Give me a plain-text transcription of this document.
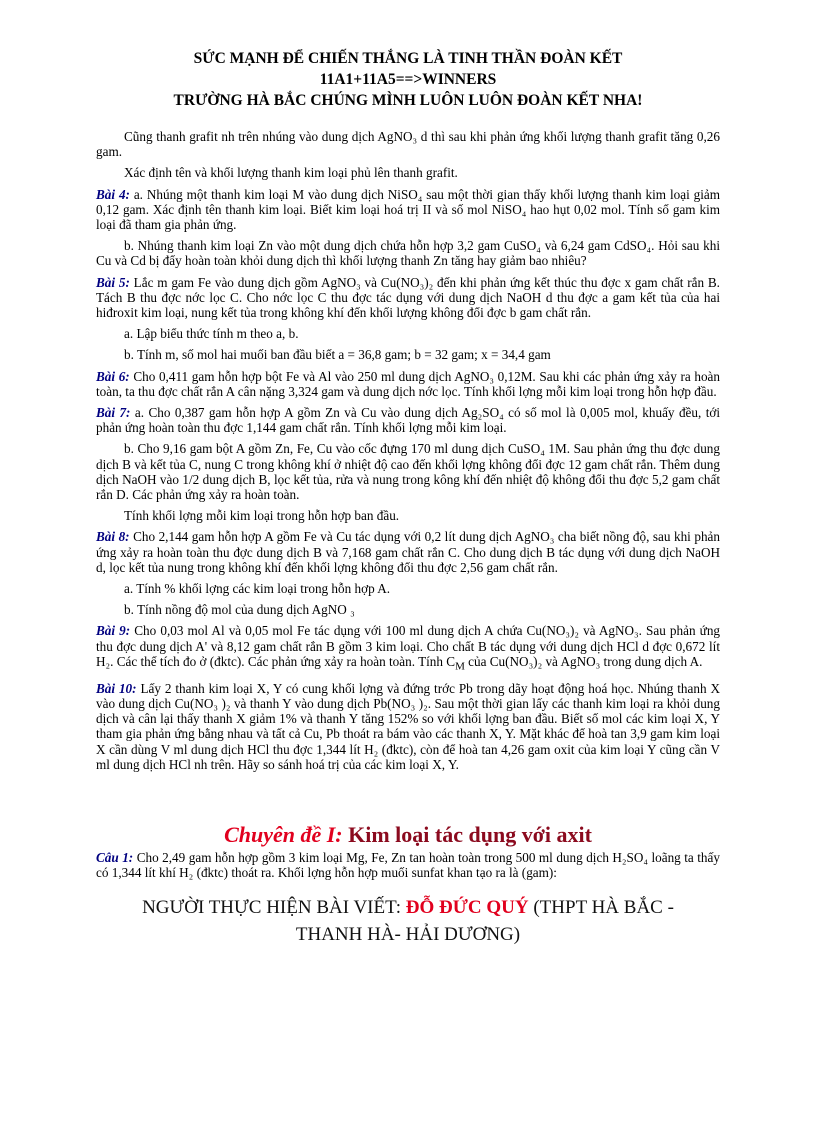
SỨC MẠNH ĐỂ CHIẾN THẮNG LÀ TINH THẦN ĐOÀN KẾT
11A1+11A5==>WINNERS
TRƯỜNG HÀ BẮC CHÚNG MÌNH LUÔN LUÔN ĐOÀN KẾT NHA!

Cũng thanh grafit nh trên nhúng vào dung dịch AgNO₃ d thì sau khi phản ứng khối lượng thanh grafit tăng 0,26 gam.

Xác định tên và khối lượng thanh kim loại phủ lên thanh grafit.

Bài 4: a. Nhúng một thanh kim loại M vào dung dịch NiSO₄ sau một thời gian thấy khối lượng thanh kim loại giảm 0,12 gam. Xác định tên thanh kim loại. Biết kim loại hoá trị II và số mol NiSO₄ hao hụt 0,02 mol. Tính số gam kim loại đã tham gia phản ứng.

b. Nhúng thanh kim loại Zn vào một dung dịch chứa hỗn hợp 3,2 gam CuSO₄ và 6,24 gam CdSO₄. Hỏi sau khi Cu và Cd bị đẩy hoàn toàn khỏi dung dịch thì khối lượng thanh Zn tăng hay giảm bao nhiêu?

Bài 5: Lắc m gam Fe vào dung dịch gồm AgNO₃ và Cu(NO₃)₂ đến khi phản ứng kết thúc thu đợc x gam chất rắn B. Tách B thu đợc nớc lọc C. Cho nớc lọc C thu đợc tác dụng với dung dịch NaOH d thu đợc a gam kết tủa của hai hiđroxit kim loại, nung kết tủa trong không khí đến khối lượng không đổi đợc b gam chất rắn.

a. Lập biểu thức tính m theo a, b.

b. Tính m, số mol hai muối ban đầu biết a = 36,8 gam; b = 32 gam; x = 34,4 gam

Bài 6: Cho 0,411 gam hỗn hợp bột Fe và Al vào 250 ml dung dịch AgNO₃ 0,12M. Sau khi các phản ứng xảy ra hoàn toàn, ta thu đợc chất rắn A cân nặng 3,324 gam và dung dịch nớc lọc. Tính khối lợng mỗi kim loại trong hỗn hợp đầu.

Bài 7: a. Cho 0,387 gam hỗn hợp A gồm Zn và Cu vào dung dịch Ag₂SO₄ có số mol là 0,005 mol, khuấy đều, tới phản ứng hoàn toàn thu đợc 1,144 gam chất rắn. Tính khối lợng mỗi kim loại.

b. Cho 9,16 gam bột A gồm Zn, Fe, Cu vào cốc đựng 170 ml dung dịch CuSO₄ 1M. Sau phản ứng thu đợc dung dịch B và kết tủa C, nung C trong không khí ở nhiệt độ cao đến khối lợng không đổi đợc 12 gam chất rắn. Thêm dung dịch NaOH vào 1/2 dung dịch B, lọc kết tủa, rửa và nung trong kông khí đến nhiệt độ không đổi thu đợc 5,2 gam chất rắn D. Các phản ứng xảy ra hoàn toàn.

Tính khối lợng mỗi kim loại trong hỗn hợp ban đầu.

Bài 8: Cho 2,144 gam hỗn hợp A gồm Fe và Cu tác dụng với 0,2 lít dung dịch AgNO₃ cha biết nồng độ, sau khi phản ứng xảy ra hoàn toàn thu đợc dung dịch B và 7,168 gam chất rắn C. Cho dung dịch B tác dụng với dung dịch NaOH d, lọc kết tủa nung trong không khí đến khối lợng không đổi thu đợc 2,56 gam chất rắn.

a. Tính % khối lợng các kim loại trong hỗn hợp A.

b. Tính nồng độ mol của dung dịch AgNO ₃

Bài 9: Cho 0,03 mol Al và 0,05 mol Fe tác dụng với 100 ml dung dịch A chứa Cu(NO₃)₂ và AgNO₃. Sau phản ứng thu đợc dung dịch A' và 8,12 gam chất rắn B gồm 3 kim loại. Cho chất B tác dụng với dung dịch HCl d đợc 0,672 lít H₂. Các thể tích đo ở (đktc). Các phản ứng xảy ra hoàn toàn. Tính $C_M$ của Cu(NO₃)₂ và AgNO₃ trong dung dịch A.

Bài 10: Lấy 2 thanh kim loại X, Y có cung khối lợng và đứng trớc Pb trong dãy hoạt động hoá học. Nhúng thanh X vào dung dịch Cu(NO₃ )₂ và thanh Y vào dung dịch Pb(NO₃ )₂. Sau một thời gian lấy các thanh kim loại ra khỏi dung dịch và cân lại thấy thanh X giảm 1% và thanh Y tăng 152% so với khối lợng ban đầu. Biết số mol các kim loại X, Y tham gia phản ứng bằng nhau và tất cả Cu, Pb thoát ra bám vào các thanh X, Y. Mặt khác để hoà tan 3,9 gam kim loại X cần dùng V ml dung dịch HCl thu đợc 1,344 lít H₂ (đktc), còn để hoà tan 4,26 gam oxit của kim loại Y cũng cần V ml dung dịch HCl nh trên. Hãy so sánh hoá trị của các kim loại X, Y.

Chuyên đề I: Kim loại tác dụng với axit

Câu 1: Cho 2,49 gam hỗn hợp gồm 3 kim loại Mg, Fe, Zn tan hoàn toàn trong 500 ml dung dịch H₂SO₄ loãng ta thấy có 1,344 lít khí H₂ (đktc) thoát ra. Khối lợng hỗn hợp muối sunfat khan tạo ra là (gam):

NGƯỜI THỰC HIỆN BÀI VIẾT: ĐỖ ĐỨC QUÝ (THPT HÀ BẮC -
THANH HÀ- HẢI DƯƠNG)
